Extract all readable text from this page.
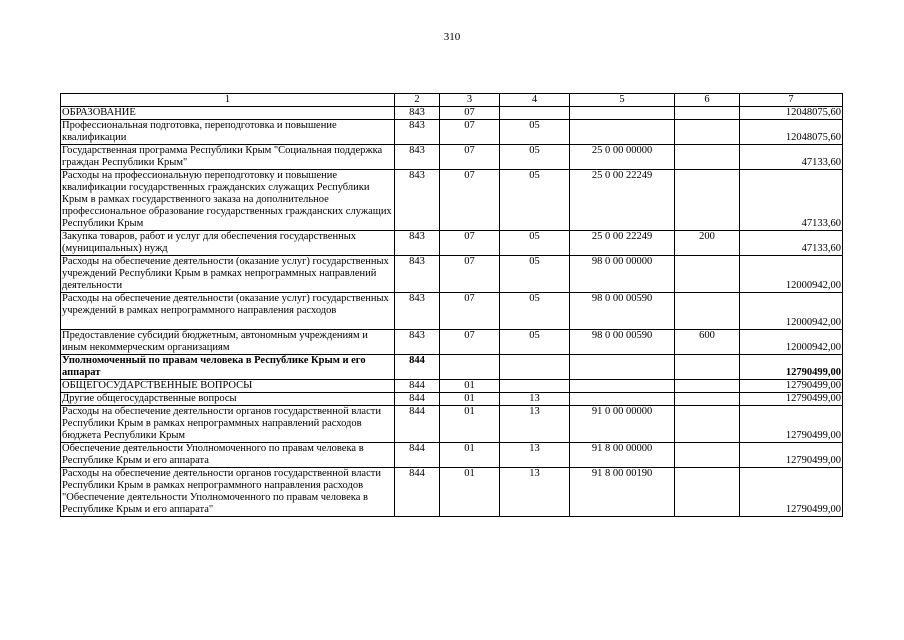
310
1	2	3	4	5	6	7
ОБРАЗОВАНИЕ	843	07				12048075,60
Профессиональная подготовка, переподготовка и повышение квалификации	843	07	05			12048075,60
Государственная программа Республики Крым "Социальная поддержка граждан Республики Крым"	843	07	05	25 0 00 00000		47133,60
Расходы на профессиональную переподготовку и повышение квалификации государственных гражданских служащих Республики Крым в рамках государственного заказа на дополнительное профессиональное образование государственных гражданских служащих Республики Крым	843	07	05	25 0 00 22249		47133,60
Закупка товаров, работ и услуг для обеспечения государственных (муниципальных) нужд	843	07	05	25 0 00 22249	200	47133,60
Расходы на обеспечение деятельности (оказание услуг) государственных учреждений Республики Крым в рамках непрограммных направлений деятельности	843	07	05	98 0 00 00000		12000942,00
Расходы на обеспечение деятельности (оказание услуг) государственных учреждений в рамках непрограммного направления расходов	843	07	05	98 0 00 00590		12000942,00
Предоставление субсидий бюджетным, автономным учреждениям и иным некоммерческим организациям	843	07	05	98 0 00 00590	600	12000942,00
Уполномоченный по правам человека в Республике Крым и его аппарат	844					12790499,00
ОБЩЕГОСУДАРСТВЕННЫЕ ВОПРОСЫ	844	01				12790499,00
Другие общегосударственные вопросы	844	01	13			12790499,00
Расходы на обеспечение деятельности органов государственной власти Республики Крым в рамках непрограммных направлений расходов бюджета Республики Крым	844	01	13	91 0 00 00000		12790499,00
Обеспечение деятельности Уполномоченного по правам человека в Республике Крым и его аппарата	844	01	13	91 8 00 00000		12790499,00
Расходы на обеспечение деятельности органов государственной власти Республики Крым в рамках непрограммного направления расходов "Обеспечение деятельности Уполномоченного по правам человека в Республике Крым и его аппарата"	844	01	13	91 8 00 00190		12790499,00
